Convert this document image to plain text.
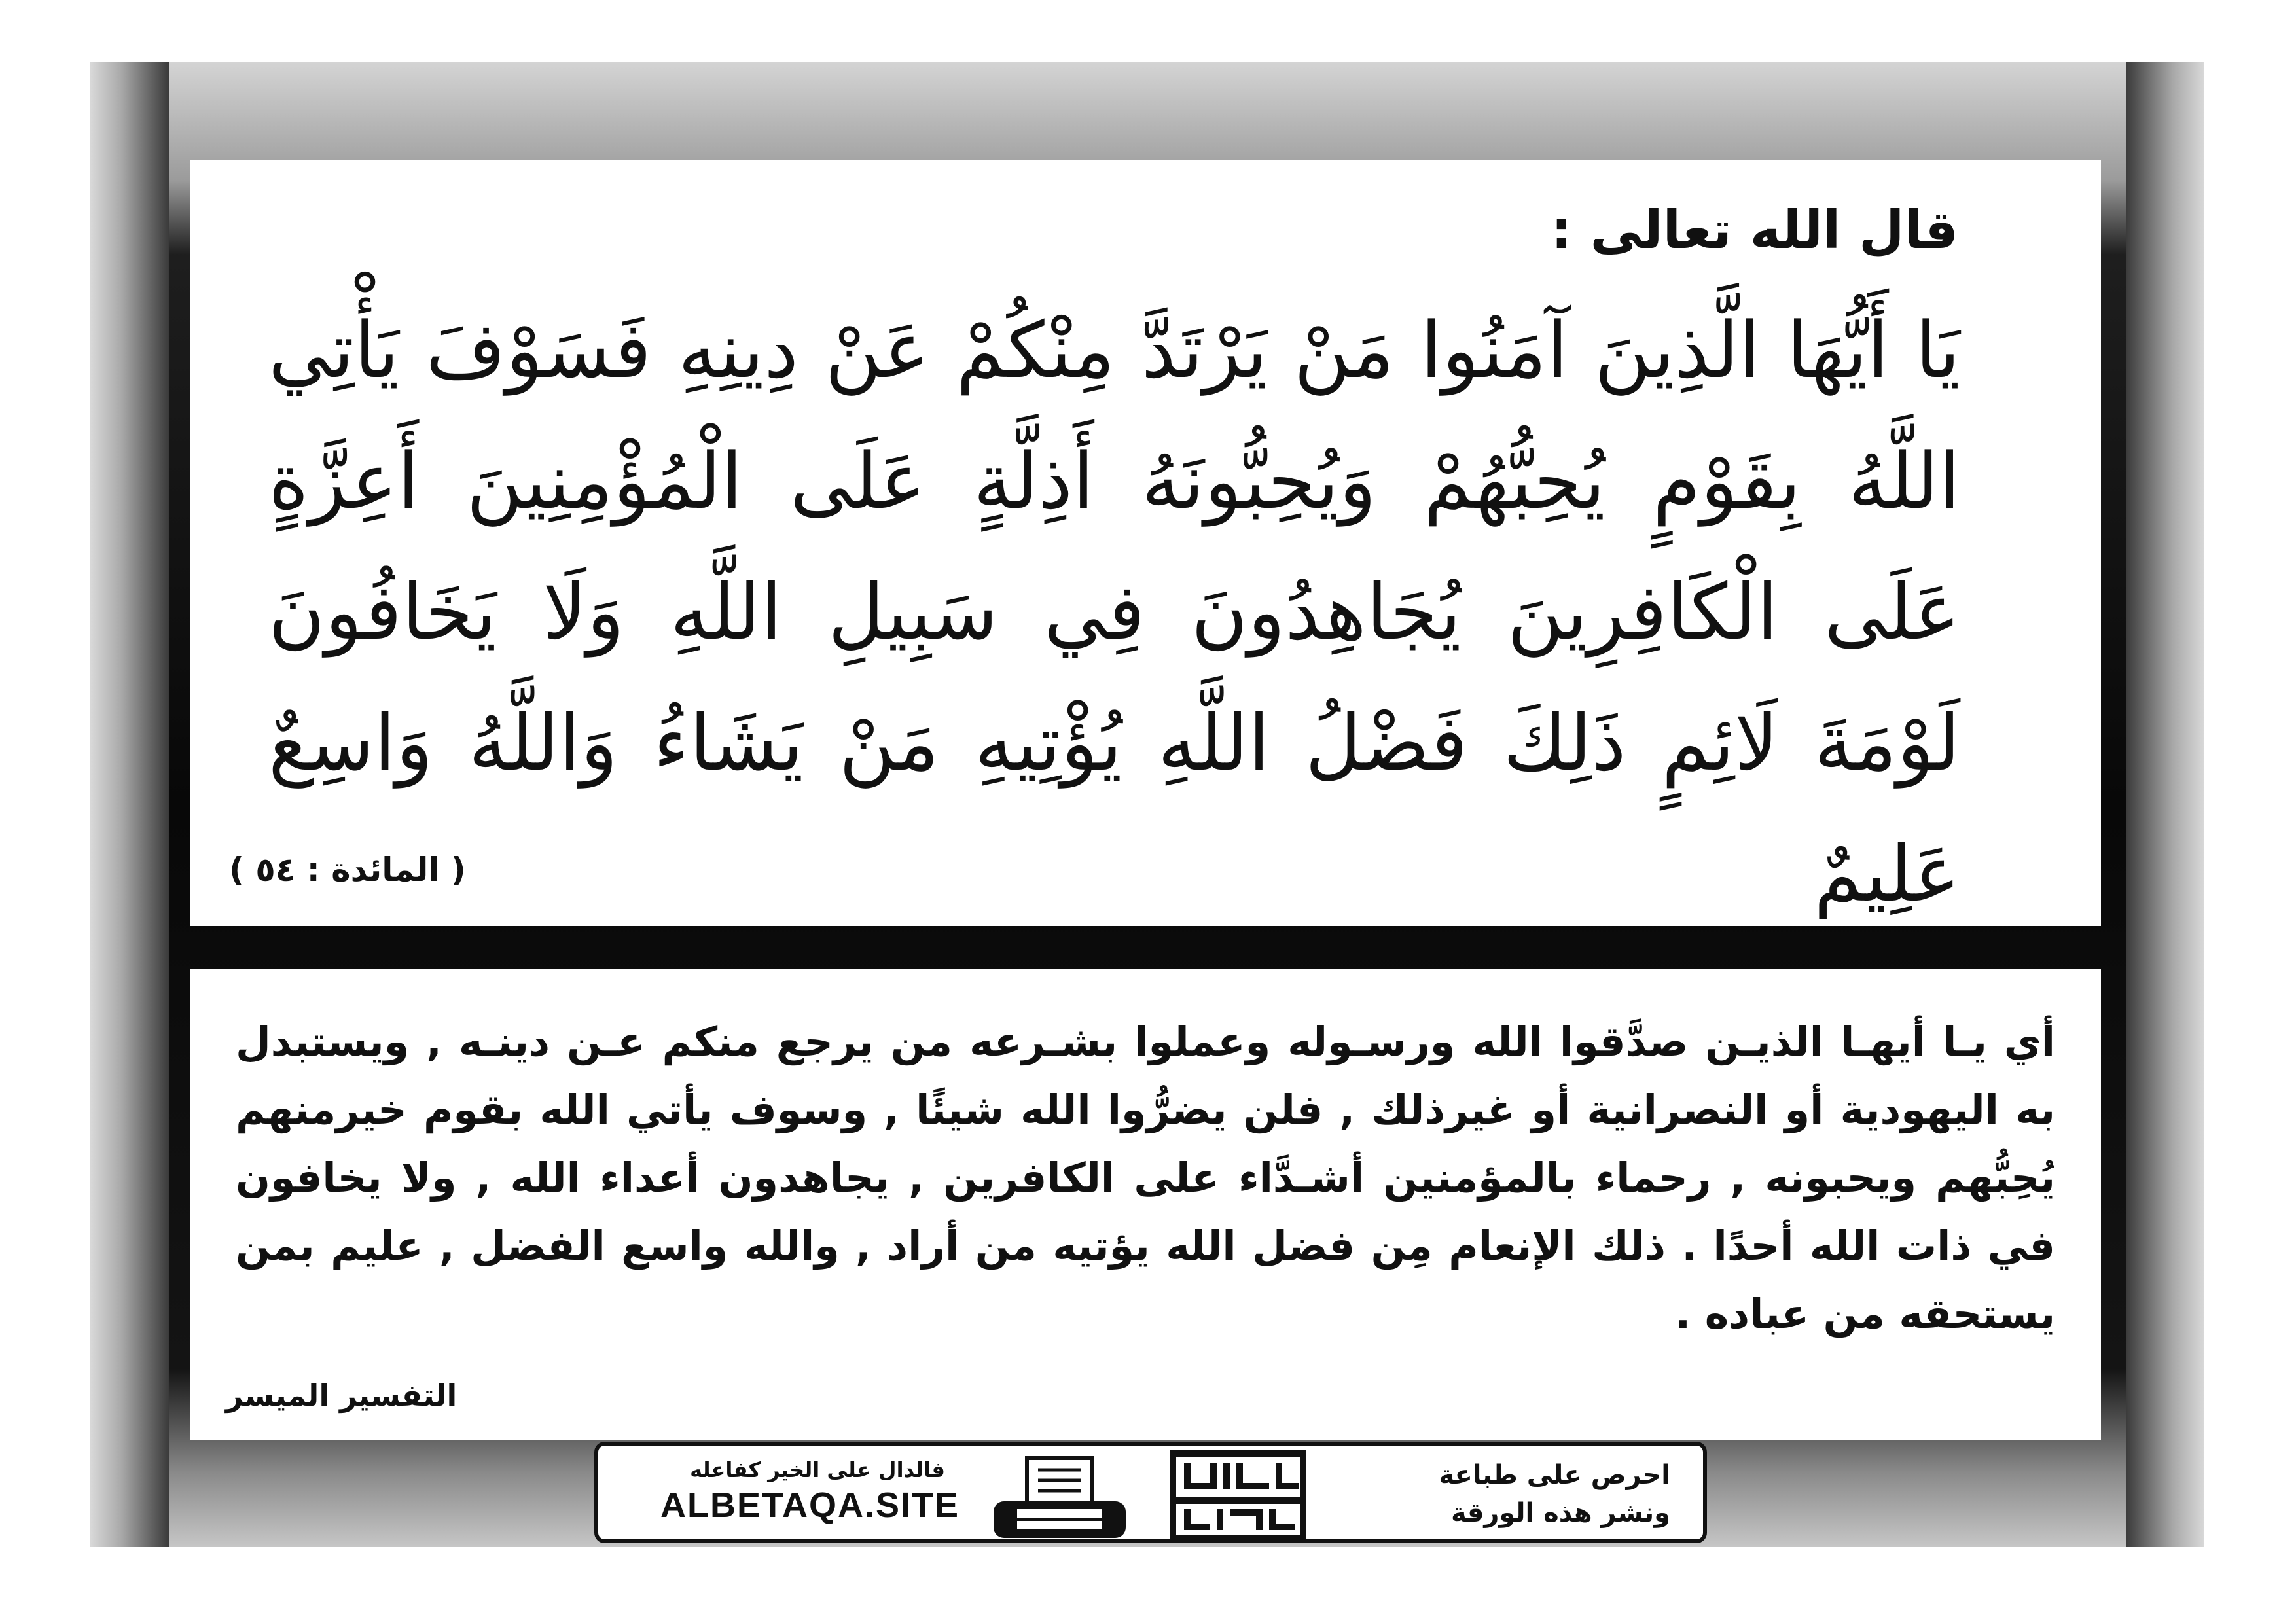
قال الله تعالى :

يَا أَيُّهَا الَّذِينَ آمَنُوا مَنْ يَرْتَدَّ مِنْكُمْ عَنْ دِينِهِ فَسَوْفَ يَأْتِي اللَّهُ بِقَوْمٍ يُحِبُّهُمْ وَيُحِبُّونَهُ أَذِلَّةٍ عَلَى الْمُؤْمِنِينَ أَعِزَّةٍ عَلَى الْكَافِرِينَ يُجَاهِدُونَ فِي سَبِيلِ اللَّهِ وَلَا يَخَافُونَ لَوْمَةَ لَائِمٍ ذَلِكَ فَضْلُ اللَّهِ يُؤْتِيهِ مَنْ يَشَاءُ وَاللَّهُ وَاسِعٌ عَلِيمٌ

( المائدة : ٥٤ )

أي يـا أيهـا الذيـن صدَّقوا الله ورسـوله وعملوا بشـرعه من يرجع منكم عـن دينـه , ويستبدل به اليهودية أو النصرانية أو غيرذلك , فلن يضرُّوا الله شيئًا , وسوف يأتي الله بقوم خيرمنهم يُحِبُّهم ويحبونه , رحماء بالمؤمنين أشـدَّاء على الكافرين , يجاهدون أعداء الله , ولا يخافون في ذات الله أحدًا . ذلك الإنعام مِن فضل الله يؤتيه من أراد , والله واسع الفضل , عليم بمن يستحقه من عباده .

التفسير الميسر

فالدال على الخير كفاعله

ALBETAQA.SITE

احرص على طباعة

ونشر هذه الورقة
